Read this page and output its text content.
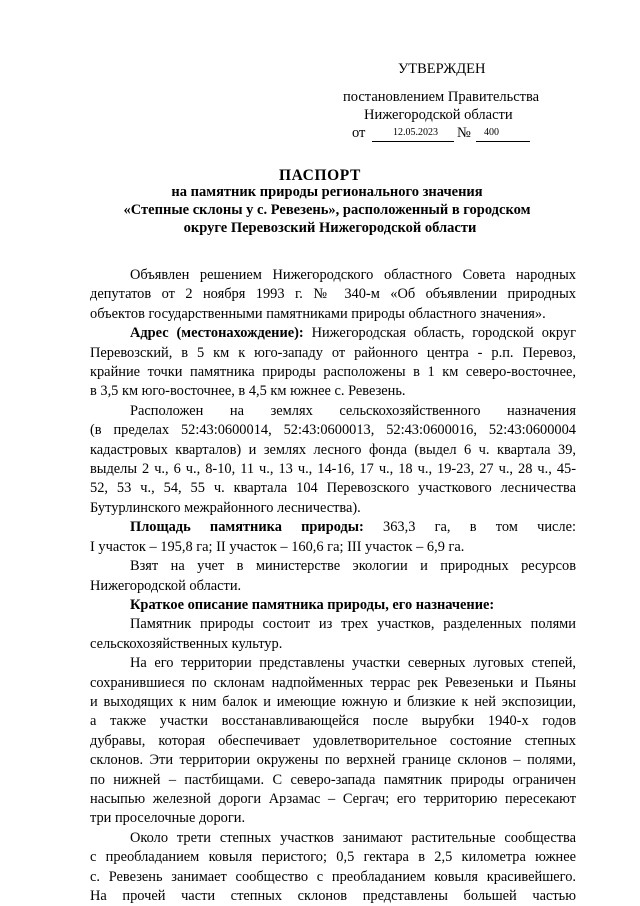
УТВЕРЖДЕН
постановлением Правительства
Нижегородской области
от	12.05.2023 № 400
ПАСПОРТ
на памятник природы регионального значения
«Степные склоны у с. Ревезень», расположенный в городском
округе Перевозский Нижегородской области
Объявлен решением Нижегородского областного Совета народных
депутатов от 2 ноября 1993 г. № 340-м «Об объявлении природных
объектов государственными памятниками природы областного значения».
Адрес (местонахождение): Нижегородская область, городской округ
Перевозский, в 5 км к юго-западу от районного центра - р.п. Перевоз,
крайние точки памятника природы расположены в 1 км северо-восточнее,
в 3,5 км юго-восточнее, в 4,5 км южнее с. Ревезень.
Расположен на землях сельскохозяйственного назначения
(в пределах 52:43:0600014, 52:43:0600013, 52:43:0600016, 52:43:0600004
кадастровых кварталов) и землях лесного фонда (выдел 6 ч. квартала 39,
выделы 2 ч., 6 ч., 8-10, 11 ч., 13 ч., 14-16, 17 ч., 18 ч., 19-23, 27 ч., 28 ч., 45-
52, 53 ч., 54, 55 ч. квартала 104 Перевозского участкового лесничества
Бутурлинского межрайонного лесничества).
Площадь памятника природы: 363,3 га, в том числе:
I участок – 195,8 га; II участок – 160,6 га; III участок – 6,9 га.
Взят на учет в министерстве экологии и природных ресурсов
Нижегородской области.
Краткое описание памятника природы, его назначение:
Памятник природы состоит из трех участков, разделенных полями
сельскохозяйственных культур.
На его территории представлены участки северных луговых степей,
сохранившиеся по склонам надпойменных террас рек Ревезеньки и Пьяны
и выходящих к ним балок и имеющие южную и близкие к ней экспозиции,
а также участки восстанавливающейся после вырубки 1940-х годов
дубравы, которая обеспечивает удовлетворительное состояние степных
склонов. Эти территории окружены по верхней границе склонов – полями,
по нижней – пастбищами. С северо-запада памятник природы ограничен
насыпью железной дороги Арзамас – Сергач; его территорию пересекают
три проселочные дороги.
Около трети степных участков занимают растительные сообщества
с преобладанием ковыля перистого; 0,5 гектара в 2,5 километра южнее
с. Ревезень занимает сообщество с преобладанием ковыля красивейшего.
На прочей части степных склонов представлены большей частью
